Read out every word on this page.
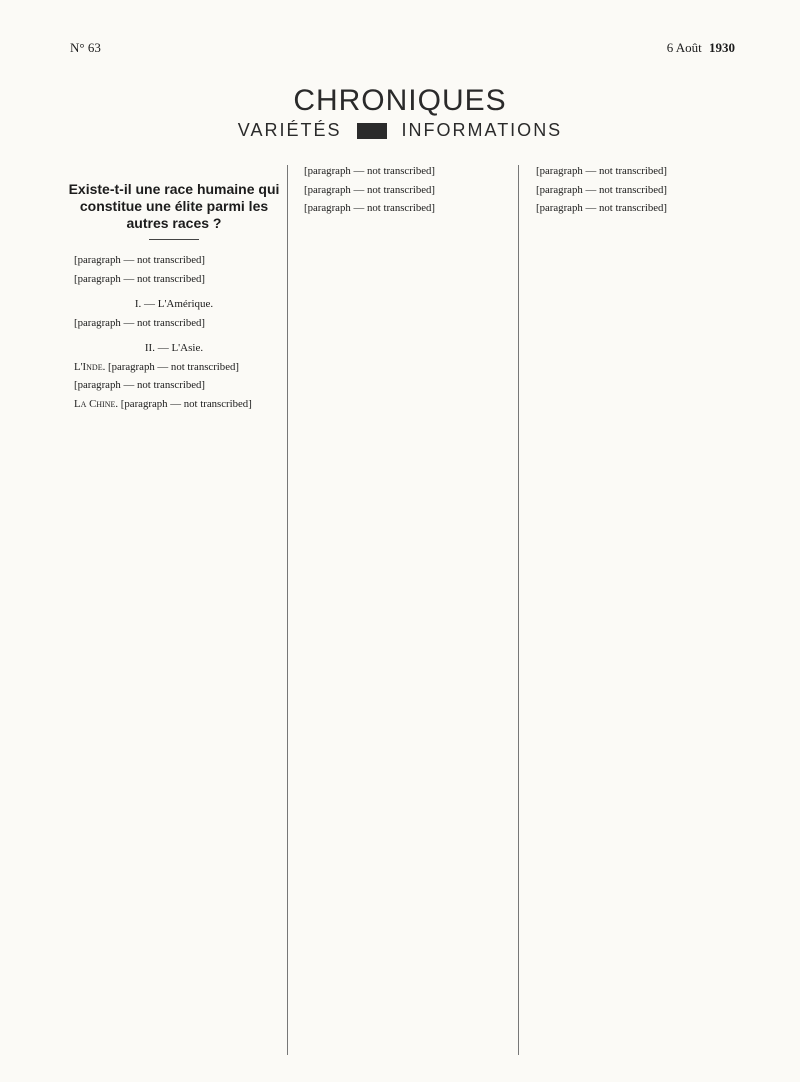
N° 63	6 Août 1930
CHRONIQUES
VARIÉTÉS	INFORMATIONS
Existe-t-il une race humaine qui constitue une élite parmi les autres races ?

[paragraph — not transcribed]

[paragraph — not transcribed]

I. — L'Amérique.

[paragraph — not transcribed]

II. — L'Asie.

L'Inde. [paragraph — not transcribed]

[paragraph — not transcribed]

La Chine. [paragraph — not transcribed]

[paragraph — not transcribed]

[paragraph — not transcribed]

[paragraph — not transcribed]

[paragraph — not transcribed]

[paragraph — not transcribed]

[paragraph — not transcribed]
